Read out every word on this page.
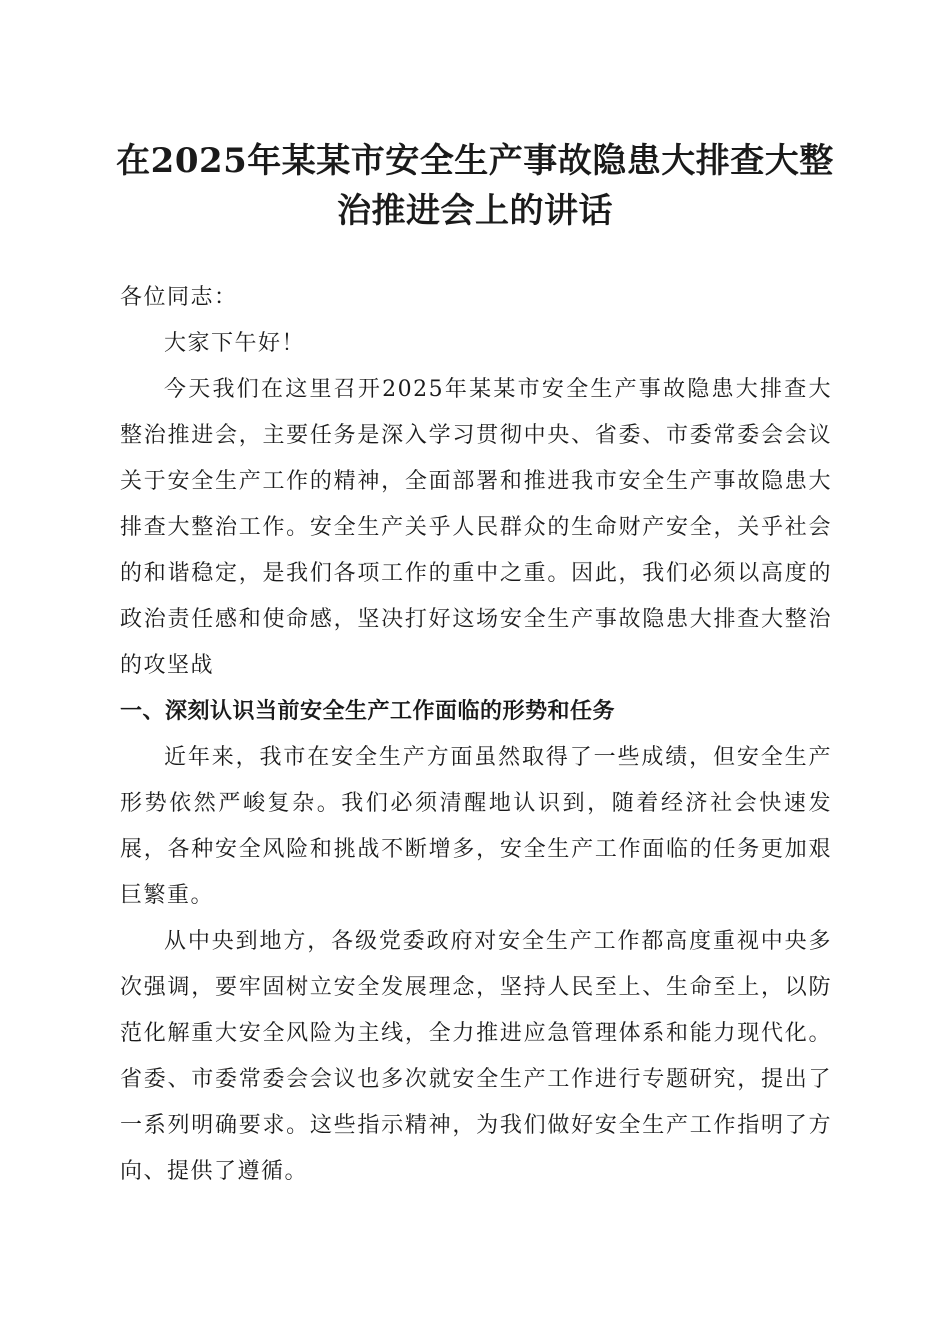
在2025年某某市安全生产事故隐患大排查大整治推进会上的讲话

各位同志：

大家下午好！

今天我们在这里召开2025年某某市安全生产事故隐患大排查大整治推进会，主要任务是深入学习贯彻中央、省委、市委常委会会议关于安全生产工作的精神，全面部署和推进我市安全生产事故隐患大排查大整治工作。安全生产关乎人民群众的生命财产安全，关乎社会的和谐稳定，是我们各项工作的重中之重。因此，我们必须以高度的政治责任感和使命感，坚决打好这场安全生产事故隐患大排查大整治的攻坚战

一、深刻认识当前安全生产工作面临的形势和任务

近年来，我市在安全生产方面虽然取得了一些成绩，但安全生产形势依然严峻复杂。我们必须清醒地认识到，随着经济社会快速发展，各种安全风险和挑战不断增多，安全生产工作面临的任务更加艰巨繁重。

从中央到地方，各级党委政府对安全生产工作都高度重视中央多次强调，要牢固树立安全发展理念，坚持人民至上、生命至上，以防范化解重大安全风险为主线，全力推进应急管理体系和能力现代化。省委、市委常委会会议也多次就安全生产工作进行专题研究，提出了一系列明确要求。这些指示精神，为我们做好安全生产工作指明了方向、提供了遵循。
